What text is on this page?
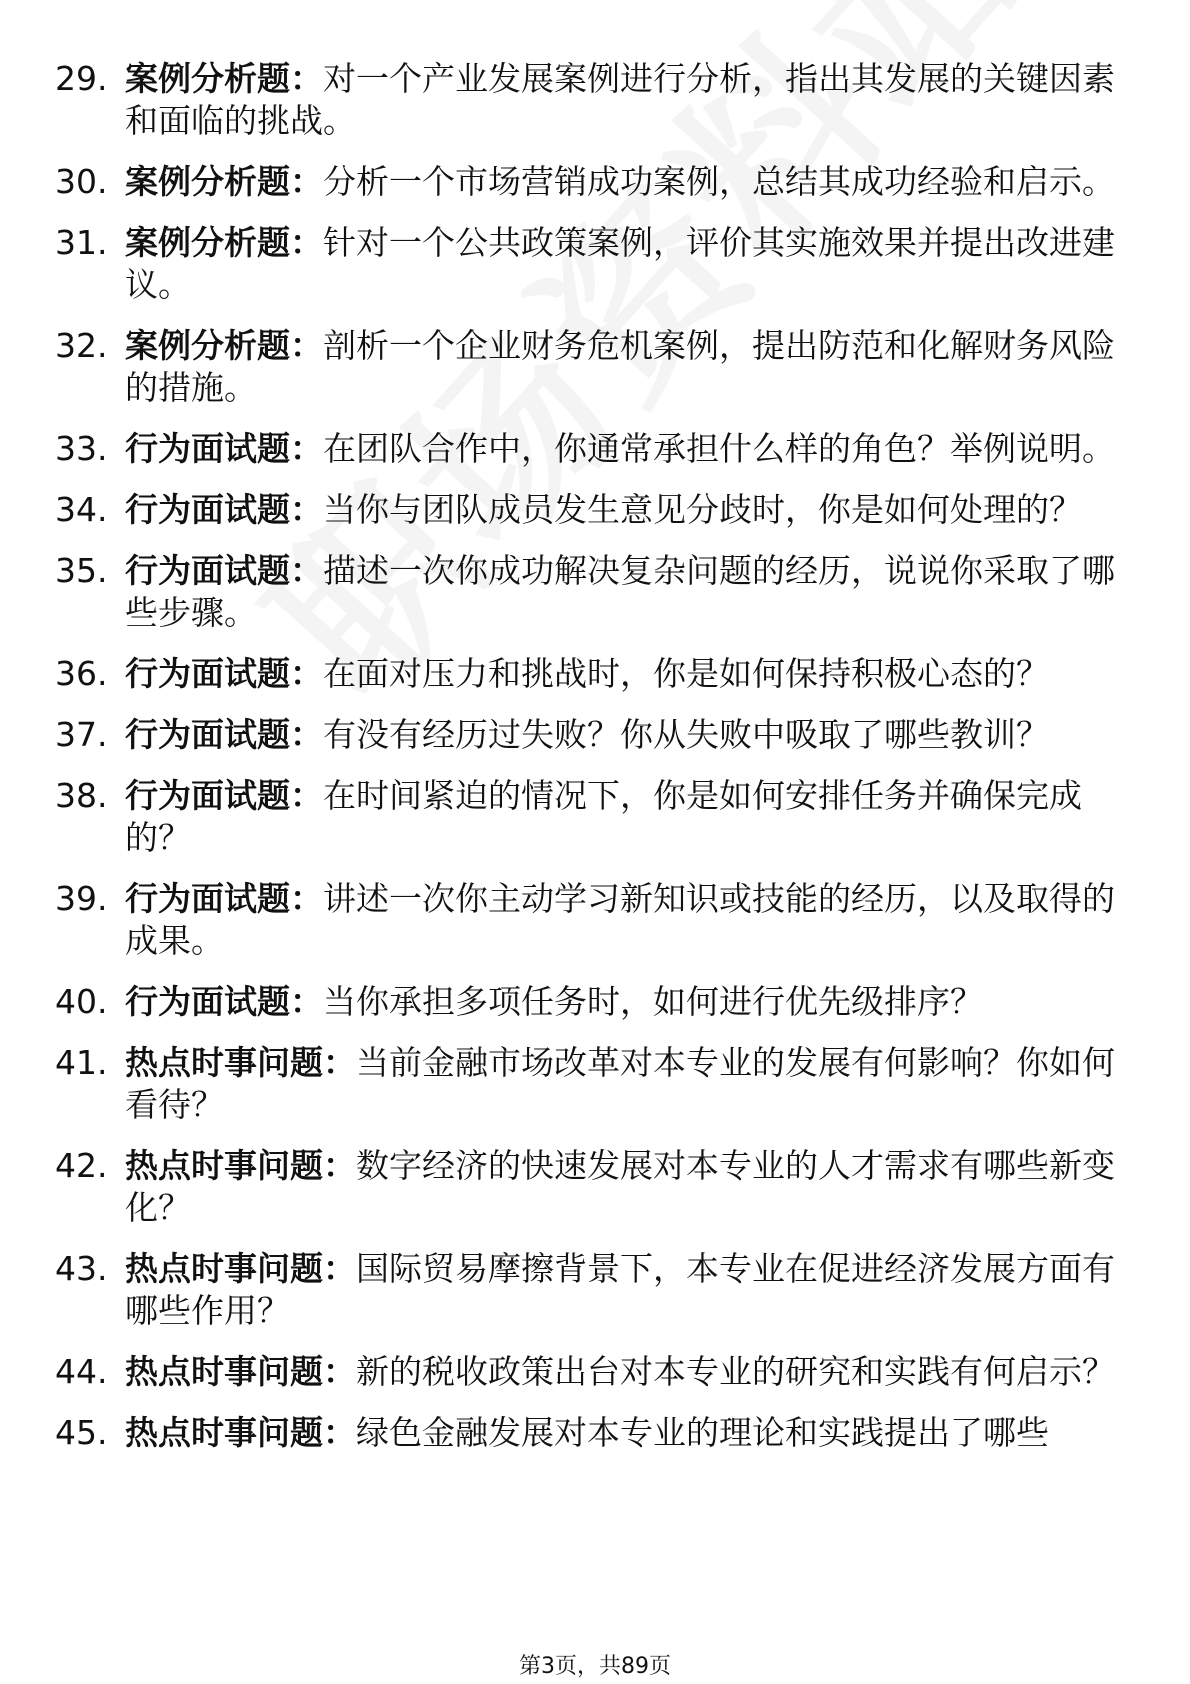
29. 案例分析题：对一个产业发展案例进行分析，指出其发展的关键因素和面临的挑战。
30. 案例分析题：分析一个市场营销成功案例，总结其成功经验和启示。
31. 案例分析题：针对一个公共政策案例，评价其实施效果并提出改进建议。
32. 案例分析题：剖析一个企业财务危机案例，提出防范和化解财务风险的措施。
33. 行为面试题：在团队合作中，你通常承担什么样的角色？举例说明。
34. 行为面试题：当你与团队成员发生意见分歧时，你是如何处理的？
35. 行为面试题：描述一次你成功解决复杂问题的经历，说说你采取了哪些步骤。
36. 行为面试题：在面对压力和挑战时，你是如何保持积极心态的？
37. 行为面试题：有没有经历过失败？你从失败中吸取了哪些教训？
38. 行为面试题：在时间紧迫的情况下，你是如何安排任务并确保完成的？
39. 行为面试题：讲述一次你主动学习新知识或技能的经历，以及取得的成果。
40. 行为面试题：当你承担多项任务时，如何进行优先级排序？
41. 热点时事问题：当前金融市场改革对本专业的发展有何影响？你如何看待？
42. 热点时事问题：数字经济的快速发展对本专业的人才需求有哪些新变化？
43. 热点时事问题：国际贸易摩擦背景下，本专业在促进经济发展方面有哪些作用？
44. 热点时事问题：新的税收政策出台对本专业的研究和实践有何启示？
45. 热点时事问题：绿色金融发展对本专业的理论和实践提出了哪些
第3页，共89页
